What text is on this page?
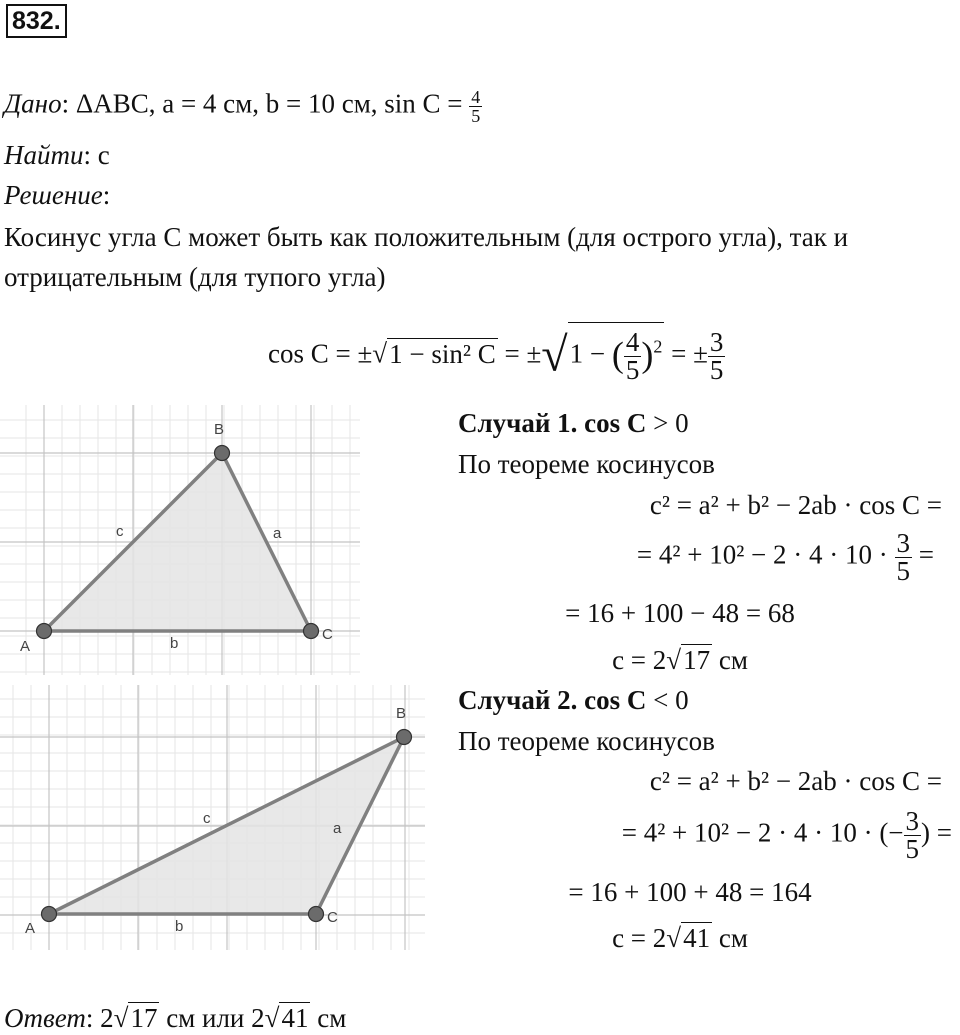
832.
Дано: ΔABC, a = 4 см, b = 10 см, $\sin C = \frac{4}{5}$
Найти: c
Решение:
Косинус угла C может быть как положительным (для острого угла), так и
отрицательным (для тупого угла)
cos C = ±√1 − sin² C = ±√1 − ( $\frac{4}{5} )^2$ = ± $\frac{3}{5}$
A
B
C
a
b
c
A
B
C
a
b
c
Случай 1. cos C > 0
По теореме косинусов
c² = a² + b² − 2ab · cos C =
= $4^2 + 10^2 - 2 \cdot 4 \cdot 10 \cdot \frac{3}{5}$ =
= 16 + 100 − 48 = 68
c = 2√17 см
Случай 2. cos C < 0
По теореме косинусов
c² = a² + b² − 2ab · cos C =
= 4² + 10² − 2 · 4 · 10 · (− $\frac{3}{5}$ ) =
= 16 + 100 + 48 = 164
c = 2√41 см
Ответ: 2√17 см или 2√41 см
